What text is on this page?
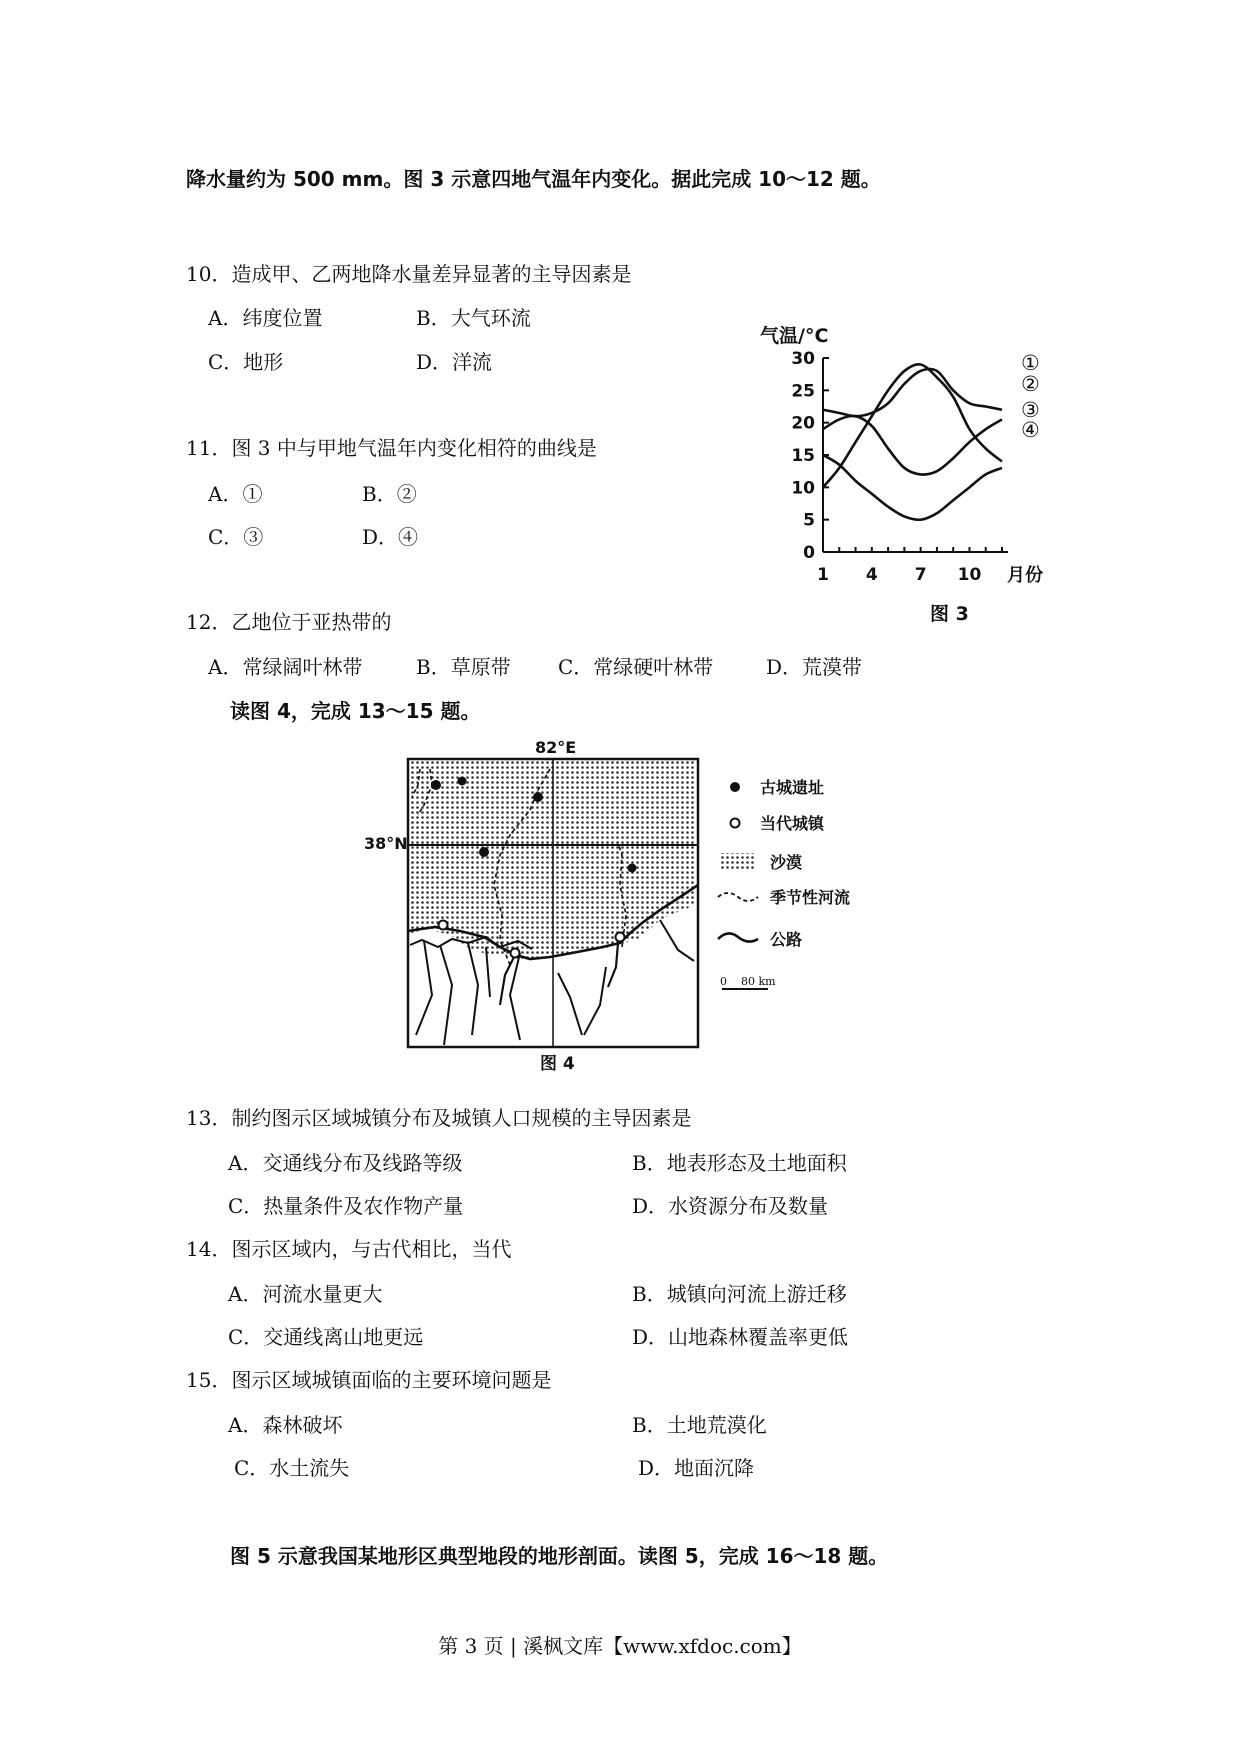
降水量约为 500 mm。图 3 示意四地气温年内变化。据此完成 10～12 题。
10．造成甲、乙两地降水量差异显著的主导因素是
A．纬度位置	B．大气环流
C．地形	D．洋流
11．图 3 中与甲地气温年内变化相符的曲线是
A．①	B．②
C．③	D．④
12．乙地位于亚热带的
A．常绿阔叶林带	B．草原带 C．常绿硬叶林带	D．荒漠带
气温/°C
30
25
20
15
10
5
0
1 4 7 10
①
②
③
④
月份
图 3
读图 4，完成 13～15 题。
82°E
38°N
古城遗址
当代城镇
沙漠
季节性河流
公路
0    80 km
图 4
13．制约图示区域城镇分布及城镇人口规模的主导因素是
A．交通线分布及线路等级	B．地表形态及土地面积
C．热量条件及农作物产量	D．水资源分布及数量
14．图示区域内，与古代相比，当代
A．河流水量更大	B．城镇向河流上游迁移
C．交通线离山地更远	D．山地森林覆盖率更低
15．图示区域城镇面临的主要环境问题是
A．森林破坏	B．土地荒漠化
C．水土流失	D．地面沉降
图 5 示意我国某地形区典型地段的地形剖面。读图 5，完成 16～18 题。
第 3 页 | 溪枫文库【www.xfdoc.com】
